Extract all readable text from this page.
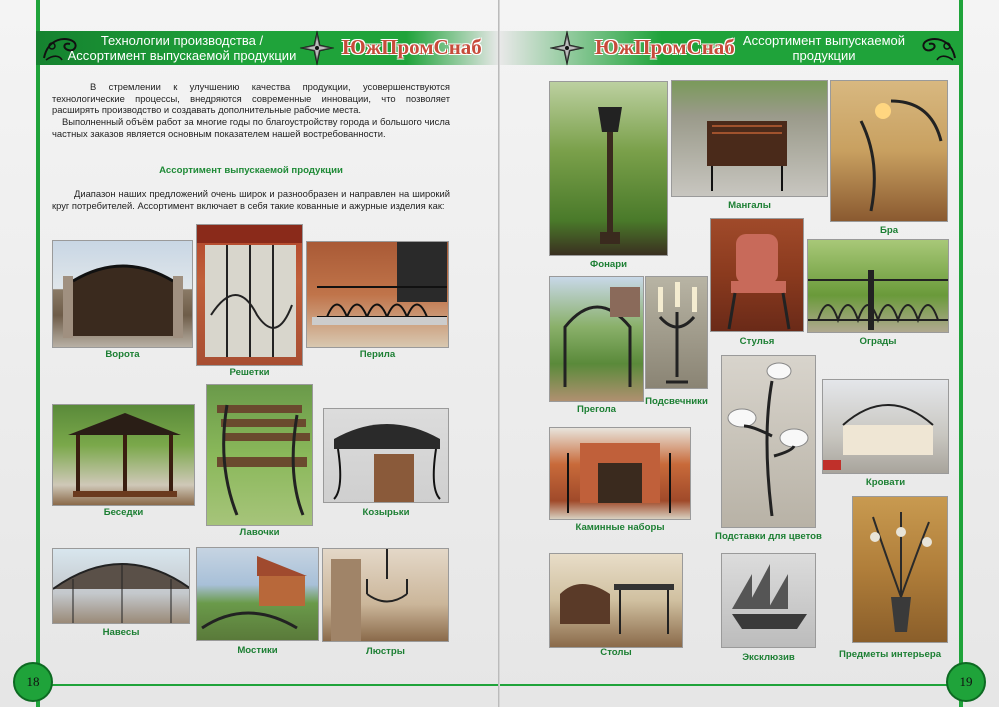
Технологии производства /
Ассортимент выпускаемой продукции	ЮжПромСнаб

В стремлении к улучшению качества продукции, усовершенствуются технологические процессы, внедряются современные инновации, что позволяет расширять производство и создавать дополнительные рабочие места.

Выполненный объём работ за многие годы по благоустройству города и большого числа частных заказов является основным показателем нашей востребованности.

Ассортимент выпускаемой продукции

Диапазон наших предложений очень широк и разнообразен и направлен на широкий круг потребителей. Ассортимент включает в себя такие кованные и ажурные изделия как:

Ворота
Решетки
Перила
Беседки
Лавочки
Козырьки
Навесы
Мостики	Люстры
18
ЮжПромСнаб Ассортимент выпускаемой
продукции
Фонари
Мангалы
Бра
Прегола
Подсвечники
Стулья	Ограды
Каминные наборы
Подставки для цветов
Кровати
Столы	Эксклюзив	Предметы интерьера
19
